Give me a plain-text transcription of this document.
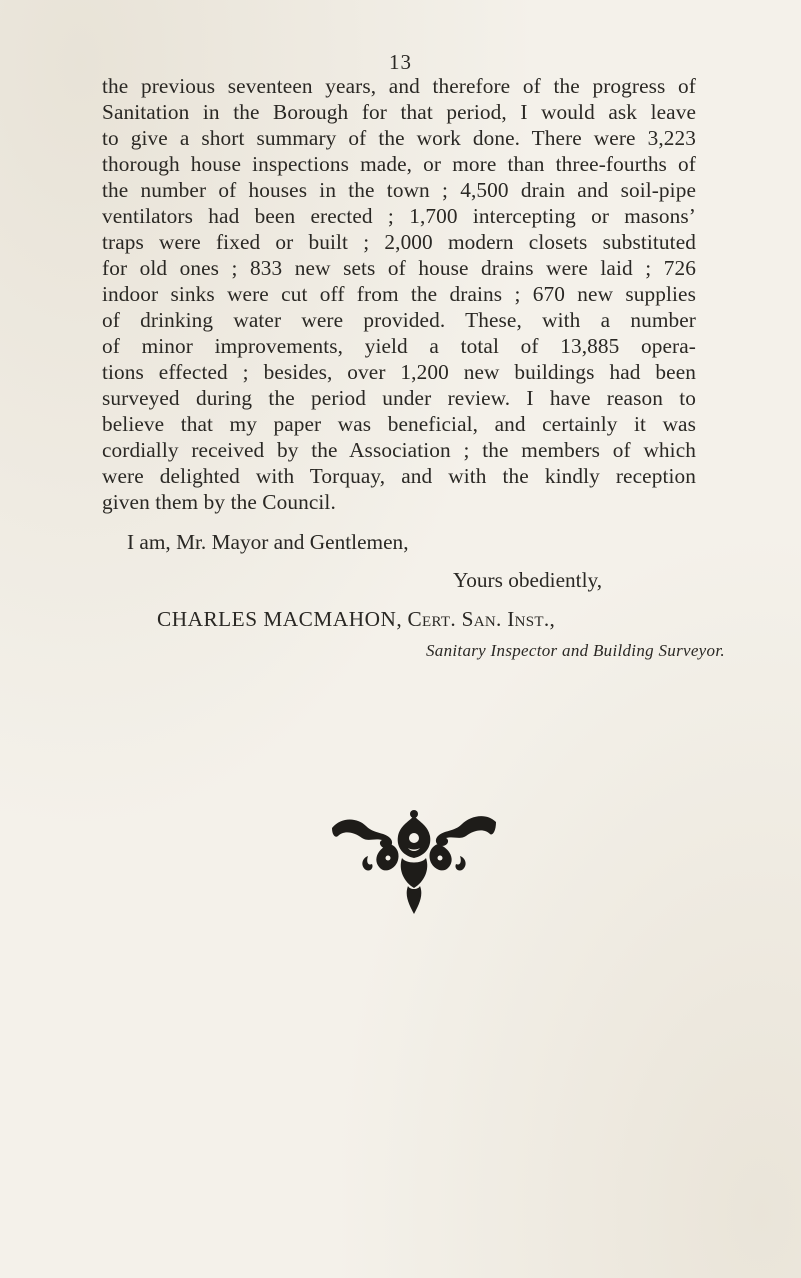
13
the previous seventeen years, and therefore of the progress of
Sanitation in the Borough for that period, I would ask leave
to give a short summary of the work done. There were 3,223
thorough house inspections made, or more than three-fourths of
the number of houses in the town ; 4,500 drain and soil-pipe
ventilators had been erected ; 1,700 intercepting or masons’
traps were fixed or built ; 2,000 modern closets substituted
for old ones ; 833 new sets of house drains were laid ; 726
indoor sinks were cut off from the drains ; 670 new supplies
of drinking water were provided. These, with a number
of minor improvements, yield a total of 13,885 opera-
tions effected ; besides, over 1,200 new buildings had been
surveyed during the period under review. I have reason to
believe that my paper was beneficial, and certainly it was
cordially received by the Association ; the members of which
were delighted with Torquay, and with the kindly reception
given them by the Council.
I am, Mr. Mayor and Gentlemen,
Yours obediently,
CHARLES MACMAHON, Cert. San. Inst.,
Sanitary Inspector and Building Surveyor.
